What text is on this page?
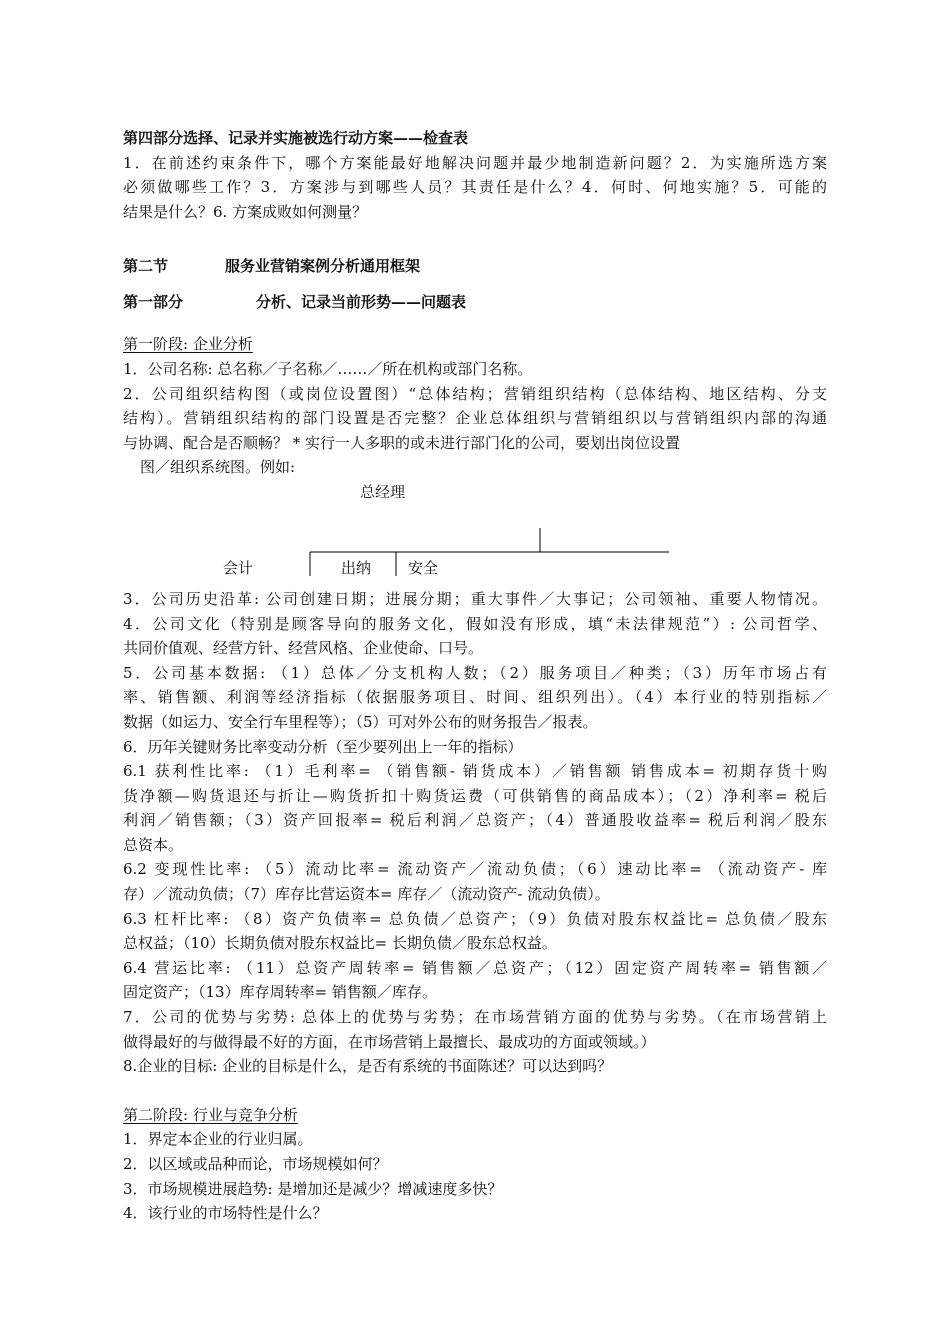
第四部分选择、记录并实施被选行动方案——检查表
1．在前述约束条件下，哪个方案能最好地解决问题并最少地制造新问题？2．为实施所选方案
必须做哪些工作？3．方案涉与到哪些人员？其责任是什么？4．何时、何地实施？5．可能的
结果是什么？6. 方案成败如何测量？
第二节	服务业营销案例分析通用框架
第一部分	分析、记录当前形势——问题表
第一阶段: 企业分析
1．公司名称: 总名称／子名称／……／所在机构或部门名称。
2．公司组织结构图（或岗位设置图）“总体结构；营销组织结构（总体结构、地区结构、分支
结构）。营销组织结构的部门设置是否完整？企业总体组织与营销组织以与营销组织内部的沟通
与协调、配合是否顺畅？ * 实行一人多职的或未进行部门化的公司，要划出岗位设置
图／组织系统图。例如:
总经理
会计	出纳 安全
3．公司历史沿革: 公司创建日期；进展分期；重大事件／大事记；公司领袖、重要人物情况。
4．公司文化（特别是顾客导向的服务文化，假如没有形成，填“未法律规范”）: 公司哲学、
共同价值观、经营方针、经营风格、企业使命、口号。
5．公司基本数据: （1）总体／分支机构人数；（2）服务项目／种类；（3）历年市场占有
率、销售额、利润等经济指标（依据服务项目、时间、组织列出）。（4）本行业的特别指标／
数据（如运力、安全行车里程等）；（5）可对外公布的财务报告／报表。
6．历年关键财务比率变动分析（至少要列出上一年的指标）
6.1 获利性比率: （1）毛利率= （销售额- 销货成本）／销售额 销售成本= 初期存货十购
货净额—购货退还与折让—购货折扣十购货运费（可供销售的商品成本）；（2）净利率= 税后
利润／销售额；（3）资产回报率= 税后利润／总资产；（4）普通股收益率= 税后利润／股东
总资本。
6.2 变现性比率: （5）流动比率= 流动资产／流动负债；（6）速动比率= （流动资产- 库
存）／流动负债；（7）库存比营运资本= 库存／（流动资产- 流动负债）。
6.3 杠杆比率: （8）资产负债率= 总负债／总资产；（9）负债对股东权益比= 总负债／股东
总权益；（10）长期负债对股东权益比= 长期负债／股东总权益。
6.4 营运比率: （11）总资产周转率= 销售额／总资产；（12）固定资产周转率= 销售额／
固定资产；（13）库存周转率= 销售额／库存。
7．公司的优势与劣势: 总体上的优势与劣势；在市场营销方面的优势与劣势。（在市场营销上
做得最好的与做得最不好的方面，在市场营销上最擅长、最成功的方面或领域。）
8.企业的目标: 企业的目标是什么，是否有系统的书面陈述？可以达到吗？
第二阶段: 行业与竞争分析
1．界定本企业的行业归属。
2．以区域或品种而论，市场规模如何？
3．市场规模进展趋势: 是增加还是减少？增减速度多快？
4．该行业的市场特性是什么？
